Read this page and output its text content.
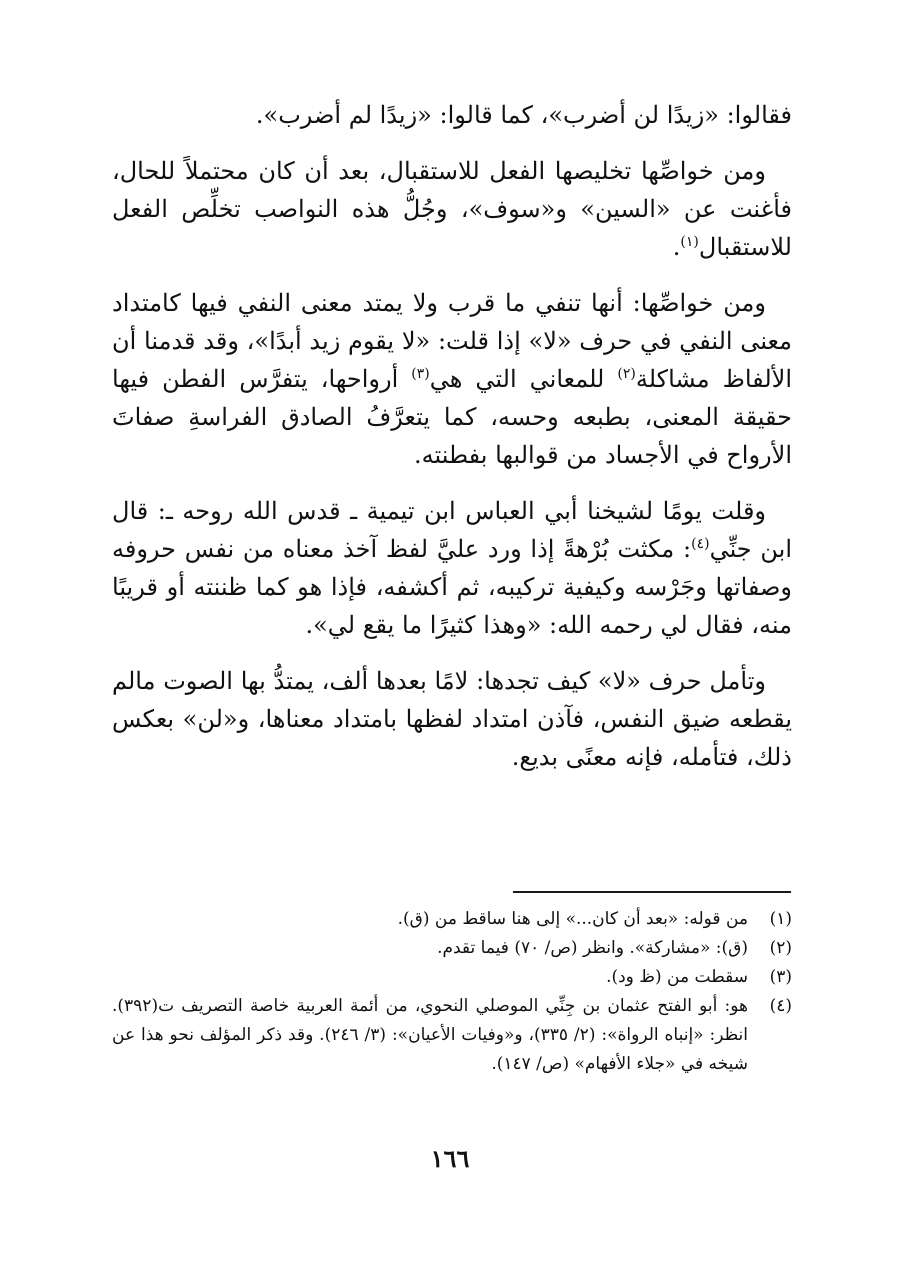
فقالوا: «زيدًا لن أضرب»، كما قالوا: «زيدًا لم أضرب».

ومن خواصِّها تخليصها الفعل للاستقبال، بعد أن كان محتملاً للحال، فأغنت عن «السين» و«سوف»، وجُلُّ هذه النواصب تخلِّص الفعل للاستقبال$^{(١)}$.

ومن خواصِّها: أنها تنفي ما قرب ولا يمتد معنى النفي فيها كامتداد معنى النفي في حرف «لا» إذا قلت: «لا يقوم زيد أبدًا»، وقد قدمنا أن الألفاظ مشاكلة$^{(٢)}$ للمعاني التي هي$^{(٣)}$ أرواحها، يتفرَّس الفطن فيها حقيقة المعنى، بطبعه وحسه، كما يتعرَّفُ الصادق الفراسةِ صفاتَ الأرواح في الأجساد من قوالبها بفطنته.

وقلت يومًا لشيخنا أبي العباس ابن تيمية ـ قدس الله روحه ـ: قال ابن جنِّي$^{(٤)}$: مكثت بُرْهةً إذا ورد عليَّ لفظ آخذ معناه من نفس حروفه وصفاتها وجَرْسه وكيفية تركيبه، ثم أكشفه، فإذا هو كما ظننته أو قريبًا منه، فقال لي رحمه الله: «وهذا كثيرًا ما يقع لي».

وتأمل حرف «لا» كيف تجدها: لامًا بعدها ألف، يمتدُّ بها الصوت مالم يقطعه ضيق النفس، فآذن امتداد لفظها بامتداد معناها، و«لن» بعكس ذلك، فتأمله، فإنه معنًى بديع.

(١)
من قوله: «بعد أن كان...» إلى هنا ساقط من (ق).
(٢)
(ق): «مشاركة». وانظر (ص/ ٧٠) فيما تقدم.
(٣)
سقطت من (ظ ود).
(٤)
هو: أبو الفتح عثمان بن جِنِّي الموصلي النحوي، من أئمة العربية خاصة التصريف ت(٣٩٢). انظر: «إنباه الرواة»: (٢/ ٣٣٥)، و«وفيات الأعيان»: (٣/ ٢٤٦). وقد ذكر المؤلف نحو هذا عن شيخه في «جلاء الأفهام» (ص/ ١٤٧).
١٦٦
